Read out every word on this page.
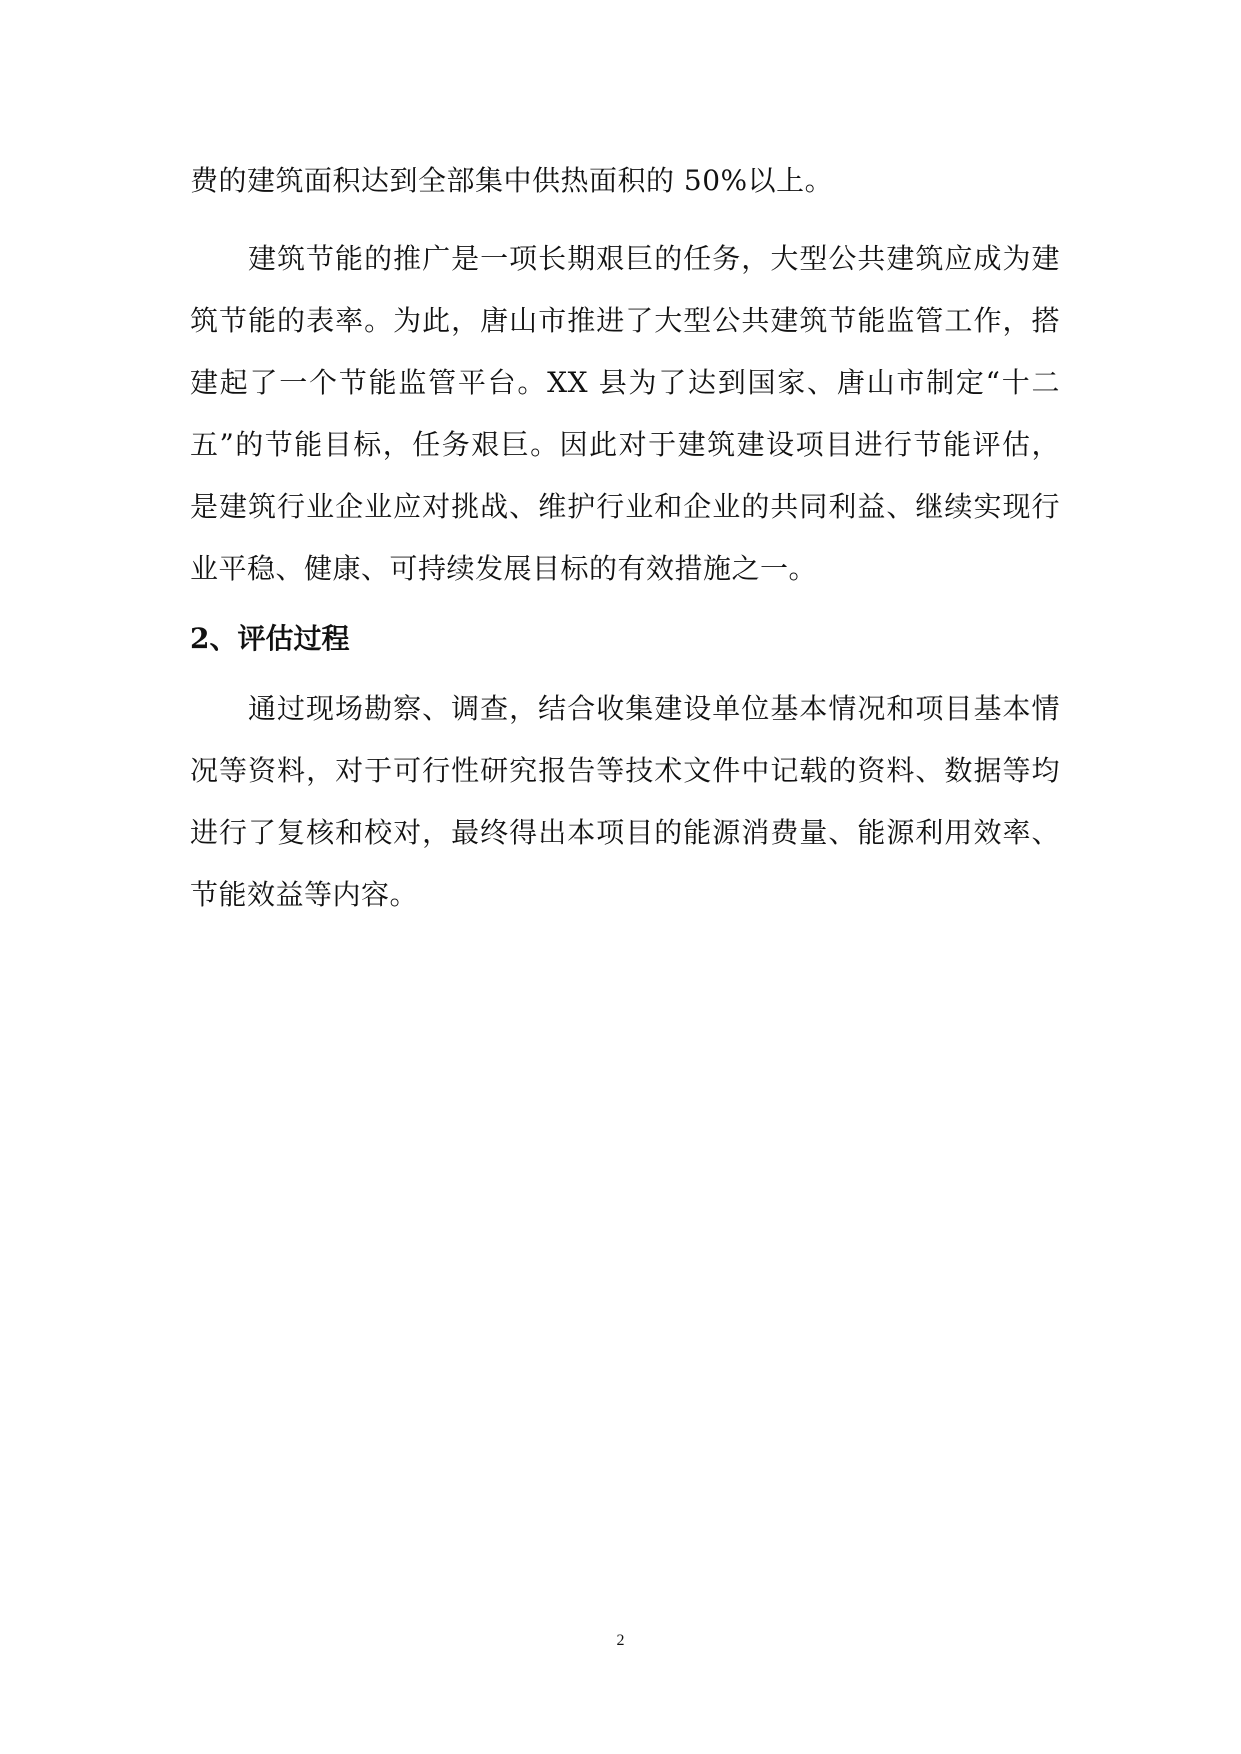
费的建筑面积达到全部集中供热面积的 50%以上。
建筑节能的推广是一项长期艰巨的任务，大型公共建筑应成为建
筑节能的表率。为此，唐山市推进了大型公共建筑节能监管工作，搭
建起了一个节能监管平台。XX 县为了达到国家、唐山市制定“十二
五”的节能目标，任务艰巨。因此对于建筑建设项目进行节能评估，
是建筑行业企业应对挑战、维护行业和企业的共同利益、继续实现行
业平稳、健康、可持续发展目标的有效措施之一。
2、评估过程
通过现场勘察、调查，结合收集建设单位基本情况和项目基本情
况等资料，对于可行性研究报告等技术文件中记载的资料、数据等均
进行了复核和校对，最终得出本项目的能源消费量、能源利用效率、
节能效益等内容。
2
